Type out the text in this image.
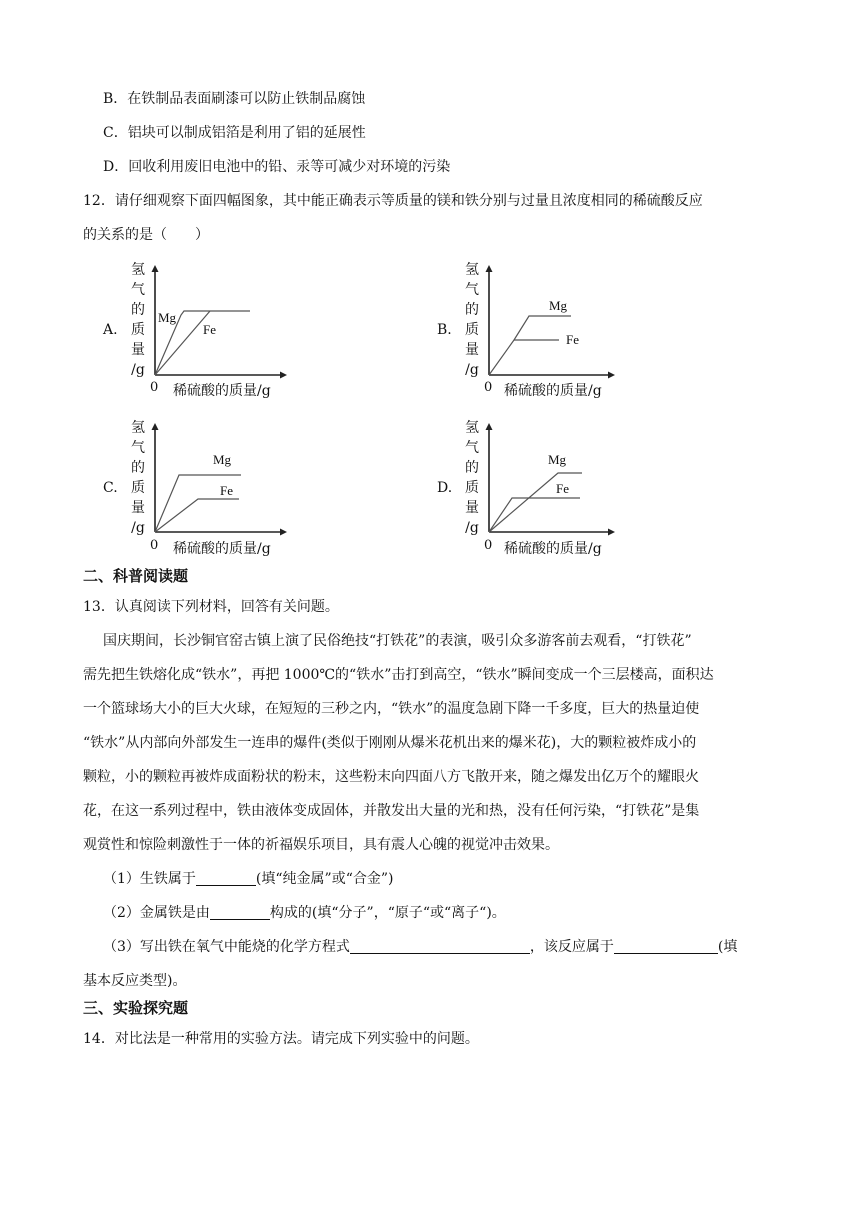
B．在铁制品表面刷漆可以防止铁制品腐蚀
C．铝块可以制成铝箔是利用了铝的延展性
D．回收利用废旧电池中的铅、汞等可减少对环境的污染
12．请仔细观察下面四幅图象，其中能正确表示等质量的镁和铁分别与过量且浓度相同的稀硫酸反应
的关系的是（　　）
A.
氢
气
的
质
量
/g
0 稀硫酸的质量/g
Mg
Fe	B.
氢
气
的
质
量
/g
0 稀硫酸的质量/g
Mg
Fe
C.
氢
气
的
质
量
/g
0 稀硫酸的质量/g
Mg
Fe	D.
氢
气
的
质
量
/g
0 稀硫酸的质量/g
Mg
Fe
二、科普阅读题
13．认真阅读下列材料，回答有关问题。
国庆期间，长沙铜官窑古镇上演了民俗绝技“打铁花”的表演，吸引众多游客前去观看，“打铁花”
需先把生铁熔化成“铁水”，再把 1000℃的“铁水”击打到高空，“铁水”瞬间变成一个三层楼高，面积达
一个篮球场大小的巨大火球，在短短的三秒之内，“铁水”的温度急剧下降一千多度，巨大的热量迫使
“铁水”从内部向外部发生一连串的爆件(类似于刚刚从爆米花机出来的爆米花)，大的颗粒被炸成小的
颗粒，小的颗粒再被炸成面粉状的粉末，这些粉末向四面八方飞散开来，随之爆发出亿万个的耀眼火
花，在这一系列过程中，铁由液体变成固体，并散发出大量的光和热，没有任何污染，“打铁花”是集
观赏性和惊险刺激性于一体的祈福娱乐项目，具有震人心魄的视觉冲击效果。
（1）生铁属于	(填“纯金属”或“合金”)
（2）金属铁是由	构成的(填“分子”，“原子“或“离子“)。
（3）写出铁在氧气中能烧的化学方程式	，该反应属于	(填
基本反应类型)。
三、实验探究题
14．对比法是一种常用的实验方法。请完成下列实验中的问题。
